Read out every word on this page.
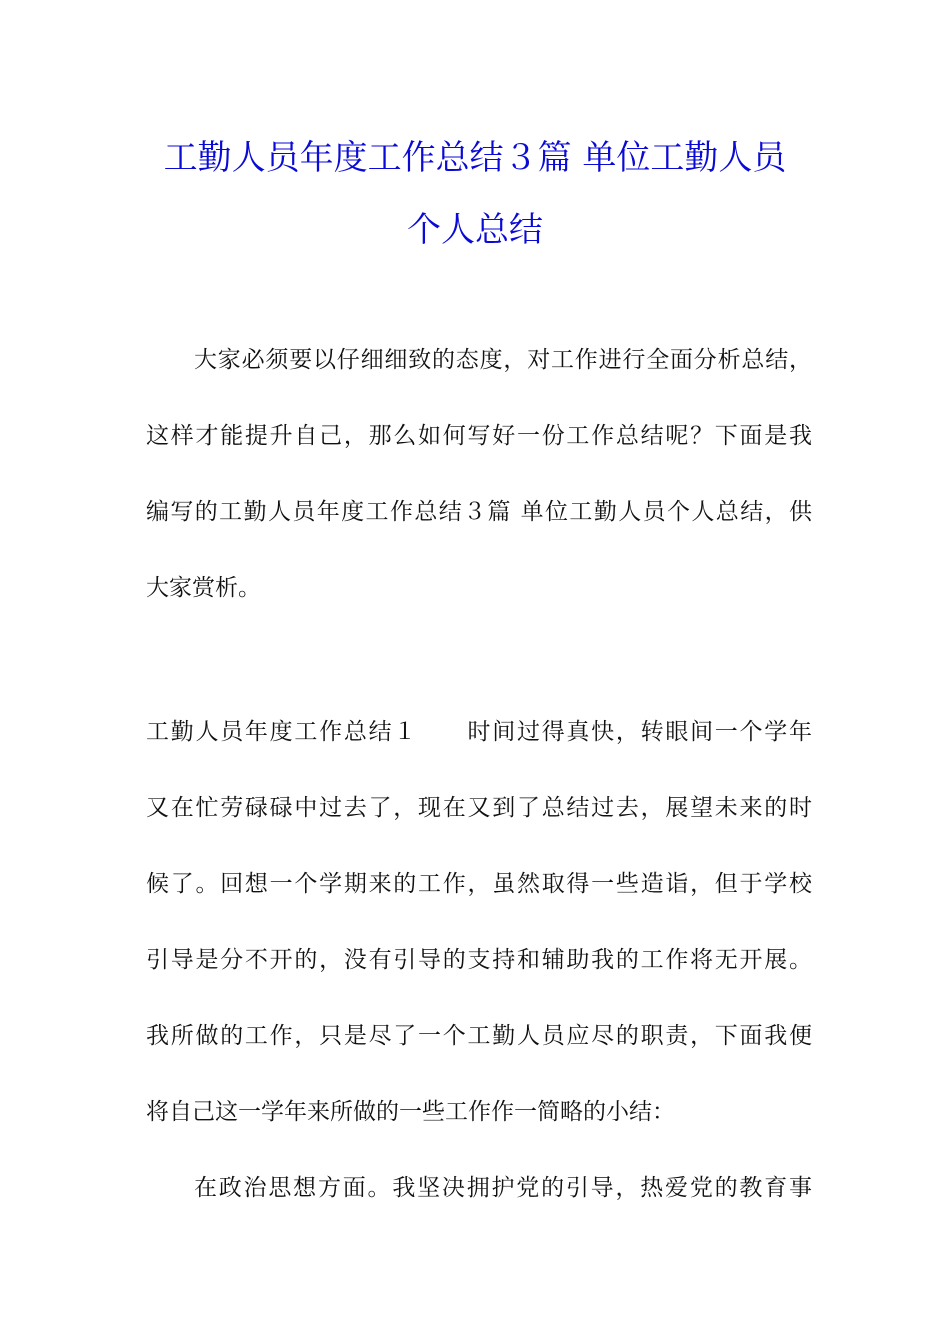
工勤人员年度工作总结３篇 单位工勤人员
个人总结
大家必须要以仔细细致的态度，对工作进行全面分析总结，
这样才能提升自己，那么如何写好一份工作总结呢？下面是我
编写的工勤人员年度工作总结３篇 单位工勤人员个人总结，供
大家赏析。
工勤人员年度工作总结１　　时间过得真快，转眼间一个学年
又在忙劳碌碌中过去了，现在又到了总结过去，展望未来的时
候了。回想一个学期来的工作，虽然取得一些造诣，但于学校
引导是分不开的，没有引导的支持和辅助我的工作将无开展。
我所做的工作，只是尽了一个工勤人员应尽的职责，下面我便
将自己这一学年来所做的一些工作作一简略的小结：
在政治思想方面。我坚决拥护党的引导，热爱党的教育事
